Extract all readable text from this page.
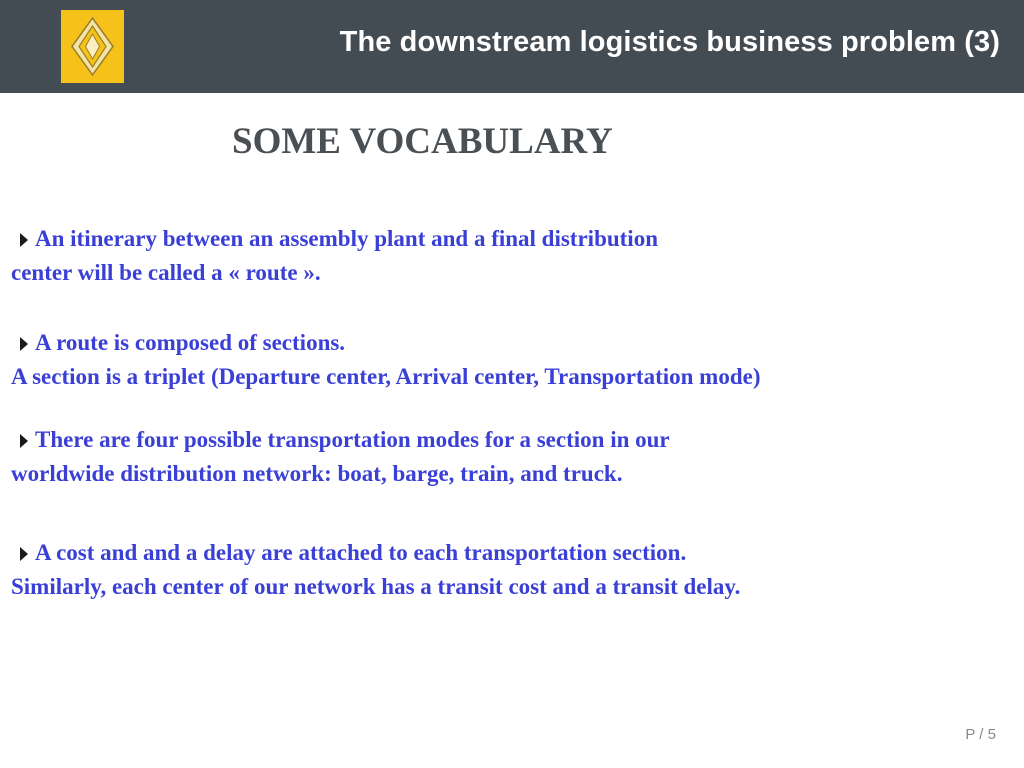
The downstream logistics business problem (3)
SOME VOCABULARY
An itinerary between an assembly plant and a final distribution
center will be called a « route ».
A route is composed of sections.
A section is a triplet (Departure center, Arrival center, Transportation mode)
There are four possible transportation modes for a section in our
worldwide distribution network: boat, barge, train, and truck.
A cost and and a delay are attached to each transportation section.
Similarly, each center of our network has a transit cost and a transit delay.
P / 5
